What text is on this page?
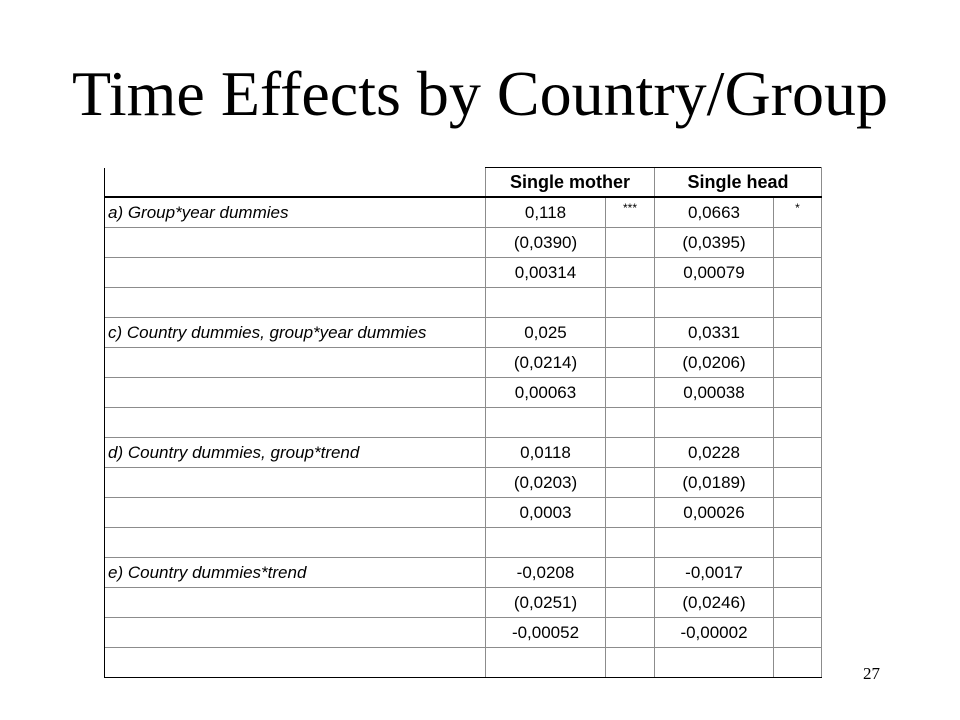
Time Effects by Country/Group
	Single mother		Single head	
a) Group*year dummies	0,118	***	0,0663	*
	(0,0390)		(0,0395)	
	0,00314		0,00079	

c) Country dummies, group*year dummies	0,025		0,0331	
	(0,0214)		(0,0206)	
	0,00063		0,00038	

d) Country dummies, group*trend	0,0118		0,0228	
	(0,0203)		(0,0189)	
	0,0003		0,00026	

e) Country dummies*trend	-0,0208		-0,0017	
	(0,0251)		(0,0246)	
	-0,00052		-0,00002	

27
